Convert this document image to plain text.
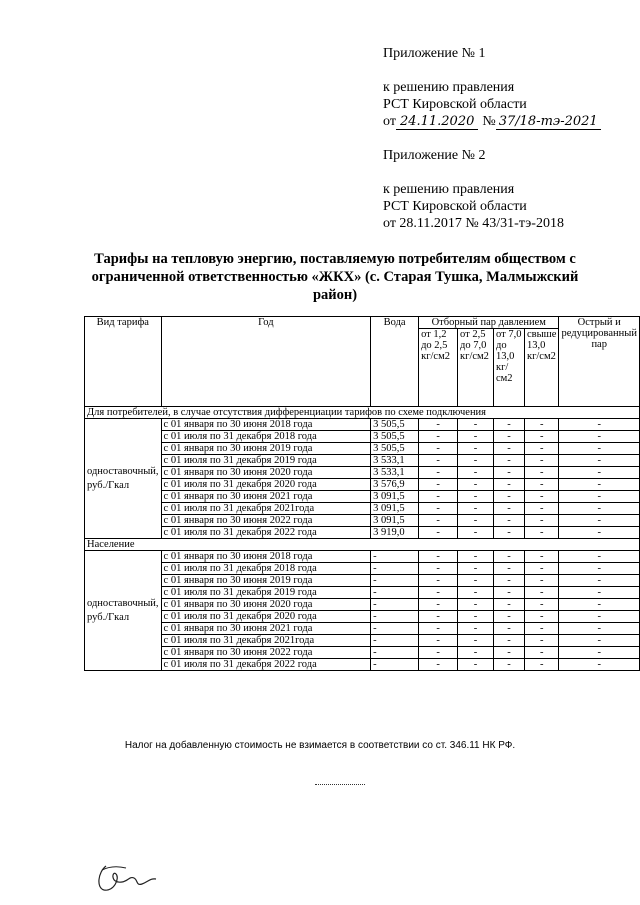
Приложение № 1
к решению правления
РСТ Кировской области
от 24.11.2020 № 37/18-тэ-2021
Приложение № 2
к решению правления
РСТ Кировской области
от 28.11.2017 № 43/31-тэ-2018
Тарифы на тепловую энергию, поставляемую потребителям обществом с ограниченной ответственностью «ЖКХ» (с. Старая Тушка, Малмыжский район)
Вид тарифа	Год	Вода	Отборный пар давлением				Острый и редуцированный пар
			от 1,2 до 2,5 кг/см2	от 2,5 до 7,0 кг/см2	от 7,0 до 13,0 кг/см2	свыше 13,0 кг/см2	
Для потребителей, в случае отсутствия дифференциации тарифов по схеме подключения							
одноставочный, руб./Гкал	с 01 января по 30 июня 2018 года	3 505,5	-	-	-	-	-
	с 01 июля по 31 декабря 2018 года	3 505,5	-	-	-	-	-
	с 01 января по 30 июня 2019 года	3 505,5	-	-	-	-	-
	с 01 июля по 31 декабря 2019 года	3 533,1	-	-	-	-	-
	с 01 января по 30 июня 2020 года	3 533,1	-	-	-	-	-
	с 01 июля по 31 декабря 2020 года	3 576,9	-	-	-	-	-
	с 01 января по 30 июня 2021 года	3 091,5	-	-	-	-	-
	с 01 июля по 31 декабря 2021года	3 091,5	-	-	-	-	-
	с 01 января по 30 июня 2022 года	3 091,5	-	-	-	-	-
	с 01 июля по 31 декабря 2022 года	3 919,0	-	-	-	-	-
Население							
одноставочный, руб./Гкал	с 01 января по 30 июня 2018 года	-	-	-	-	-	-
	с 01 июля по 31 декабря 2018 года	-	-	-	-	-	-
	с 01 января по 30 июня 2019 года	-	-	-	-	-	-
	с 01 июля по 31 декабря 2019 года	-	-	-	-	-	-
	с 01 января по 30 июня 2020 года	-	-	-	-	-	-
	с 01 июля по 31 декабря 2020 года	-	-	-	-	-	-
	с 01 января по 30 июня 2021 года	-	-	-	-	-	-
	с 01 июля по 31 декабря 2021года	-	-	-	-	-	-
	с 01 января по 30 июня 2022 года	-	-	-	-	-	-
	с 01 июля по 31 декабря 2022 года	-	-	-	-	-	-
Налог на добавленную стоимость не взимается в соответствии со ст. 346.11 НК РФ.
